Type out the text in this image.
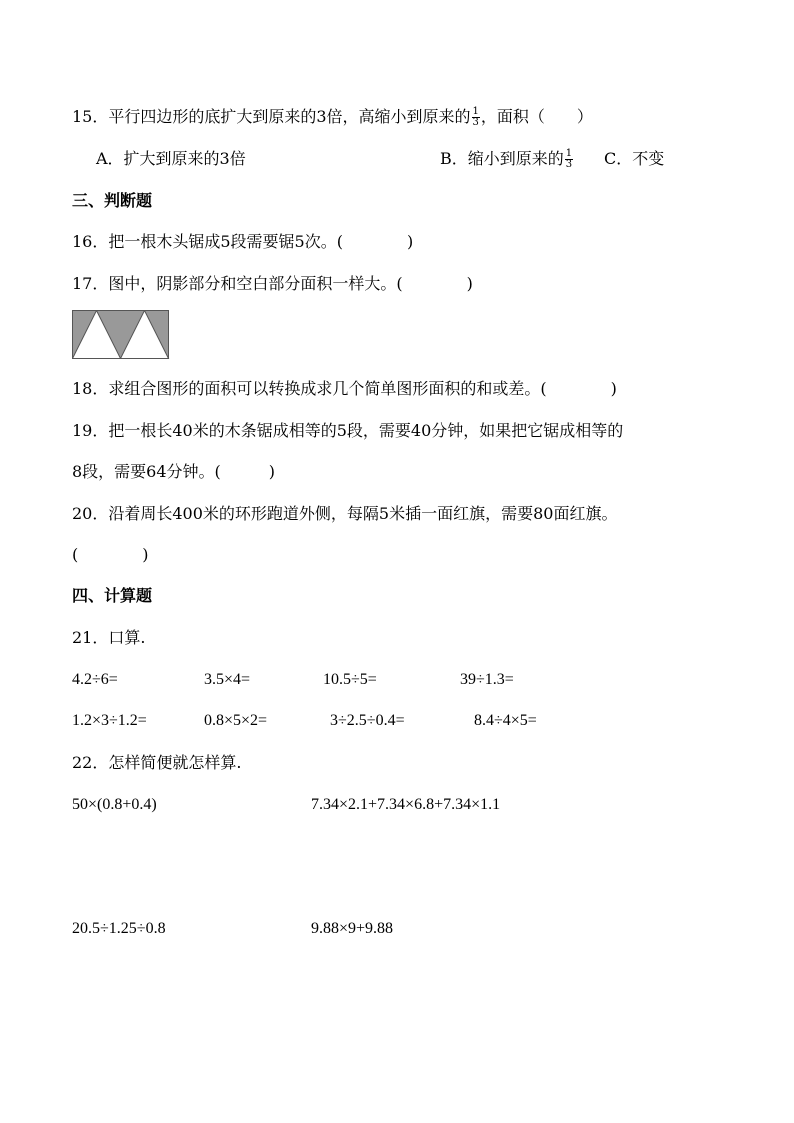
15．平行四边形的底扩大到原来的3倍，高缩小到原来的 $\frac{1}{3}$ ，面积（　　）
A．扩大到原来的3倍	B．缩小到原来的 $\frac{1}{3}$ C．不变
三、判断题
16．把一根木头锯成5段需要锯5次。(　　　　)
17．图中，阴影部分和空白部分面积一样大。(　　　　)
18．求组合图形的面积可以转换成求几个简单图形面积的和或差。(　　　　)
19．把一根长40米的木条锯成相等的5段，需要40分钟，如果把它锯成相等的
8段，需要64分钟。(　　　)
20．沿着周长400米的环形跑道外侧，每隔5米插一面红旗，需要80面红旗。
(　　　　)
四、计算题
21．口算.
4.2÷6=	3.5×4=	10.5÷5=	39÷1.3=
1.2×3÷1.2=	0.8×5×2=	3÷2.5÷0.4=	8.4÷4×5=
22．怎样简便就怎样算.
50×(0.8+0.4)	7.34×2.1+7.34×6.8+7.34×1.1
20.5÷1.25÷0.8	9.88×9+9.88
